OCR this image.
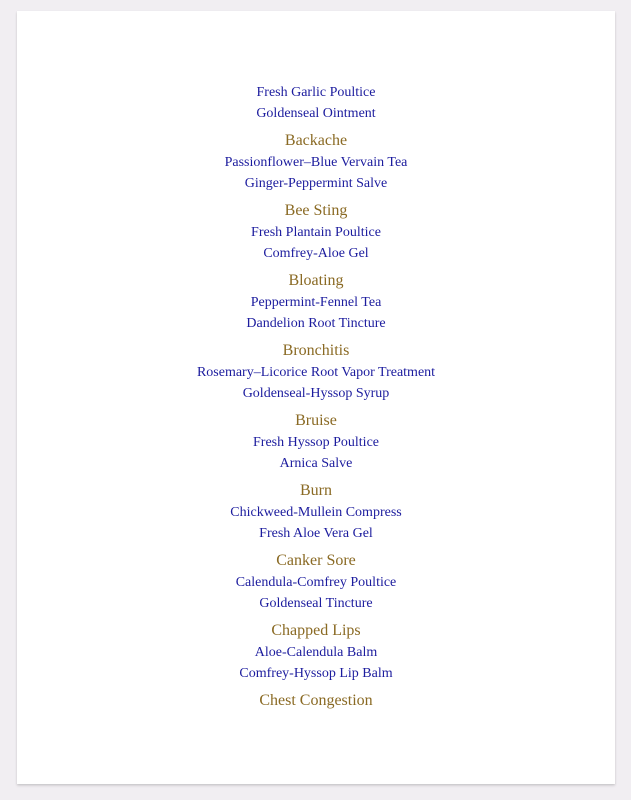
Fresh Garlic Poultice
Goldenseal Ointment
Backache
Passionflower–Blue Vervain Tea
Ginger-Peppermint Salve
Bee Sting
Fresh Plantain Poultice
Comfrey-Aloe Gel
Bloating
Peppermint-Fennel Tea
Dandelion Root Tincture
Bronchitis
Rosemary–Licorice Root Vapor Treatment
Goldenseal-Hyssop Syrup
Bruise
Fresh Hyssop Poultice
Arnica Salve
Burn
Chickweed-Mullein Compress
Fresh Aloe Vera Gel
Canker Sore
Calendula-Comfrey Poultice
Goldenseal Tincture
Chapped Lips
Aloe-Calendula Balm
Comfrey-Hyssop Lip Balm
Chest Congestion
